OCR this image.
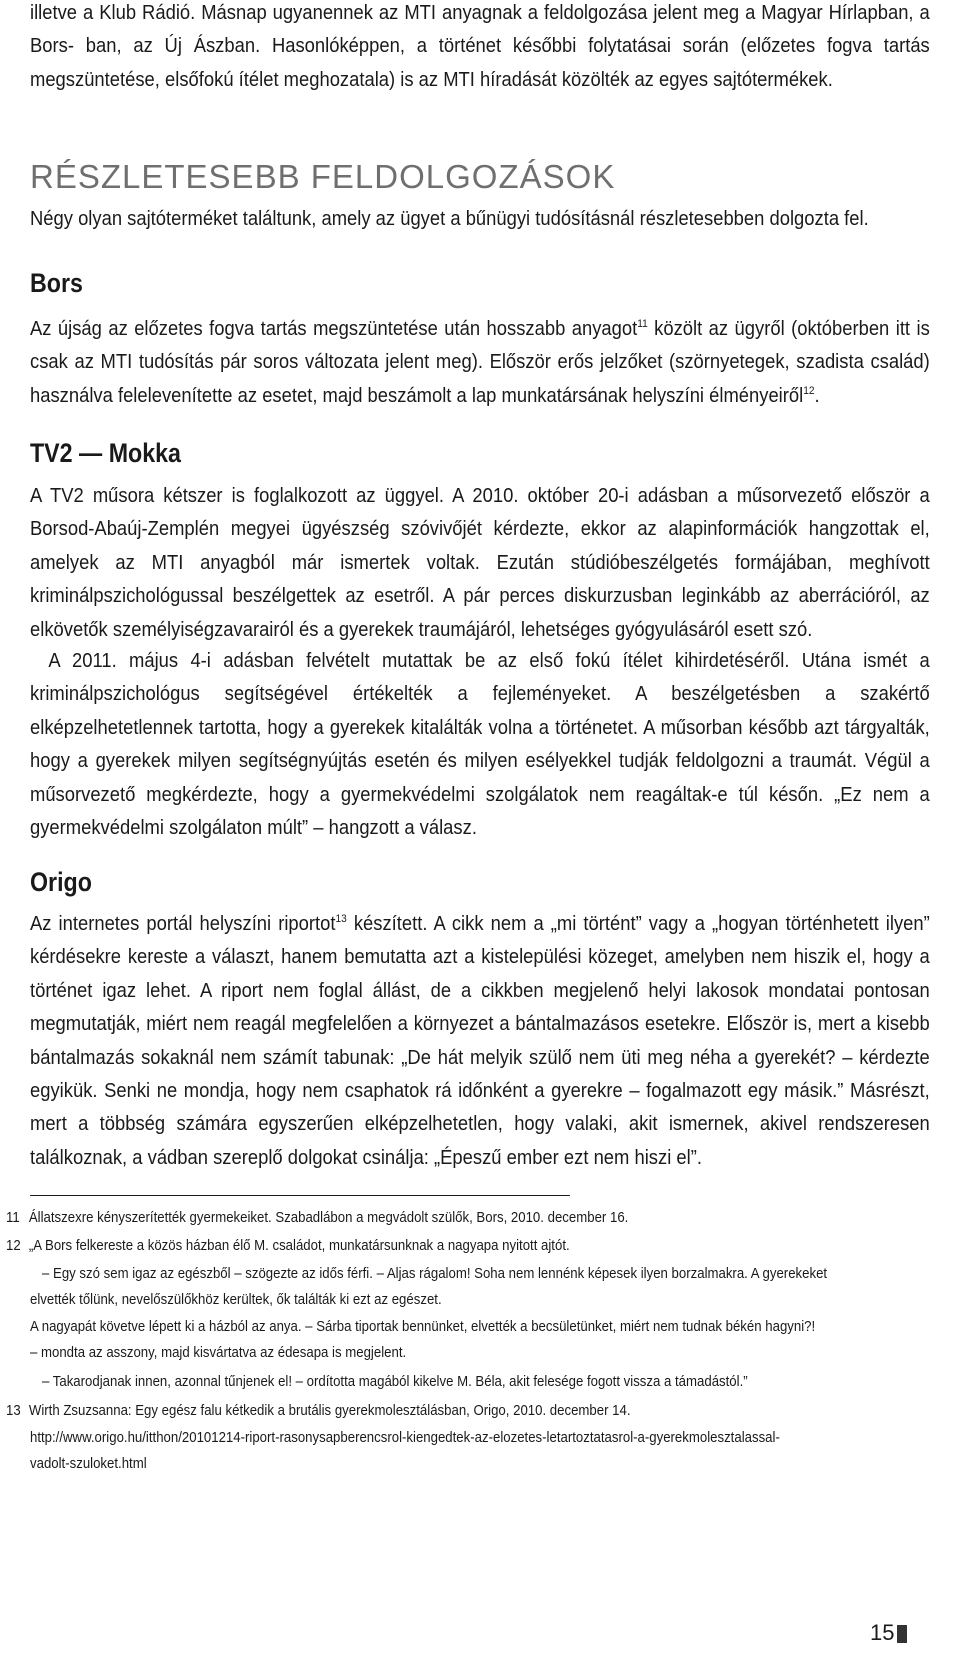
illetve a Klub Rádió. Másnap ugyanennek az MTI anyagnak a feldolgozása jelent meg a Magyar Hírlapban, a Bors- ban, az Új Ászban. Hasonlóképpen, a történet későbbi folytatásai során (előzetes fogva tartás megszüntetése, elsőfokú ítélet meghozatala) is az MTI híradását közölték az egyes sajtótermékek.

RÉSZLETESEBB FELDOLGOZÁSOK

Négy olyan sajtóterméket találtunk, amely az ügyet a bűnügyi tudósításnál részletesebben dolgozta fel.

Bors

Az újság az előzetes fogva tartás megszüntetése után hosszabb anyagot$^{11}$ közölt az ügyről (októberben itt is csak az MTI tudósítás pár soros változata jelent meg). Először erős jelzőket (szörnyetegek, szadista család) használva felelevenítette az esetet, majd beszámolt a lap munkatársának helyszíni élményeiről$^{12}$.

TV2 — Mokka

A TV2 műsora kétszer is foglalkozott az üggyel. A 2010. október 20-i adásban a műsorvezető először a Borsod-Abaúj-Zemplén megyei ügyészség szóvivőjét kérdezte, ekkor az alapinformációk hangzottak el, amelyek az MTI anyagból már ismertek voltak. Ezután stúdióbeszélgetés formájában, meghívott kriminálpszichológussal beszélgettek az esetről. A pár perces diskurzusban leginkább az aberrációról, az elkövetők személyiségzavarairól és a gyerekek traumájáról, lehetséges gyógyulásáról esett szó.

A 2011. május 4-i adásban felvételt mutattak be az első fokú ítélet kihirdetéséről. Utána ismét a kriminálpszichológus segítségével értékelték a fejleményeket. A beszélgetésben a szakértő elképzelhetetlennek tartotta, hogy a gyerekek kitalálták volna a történetet. A műsorban később azt tárgyalták, hogy a gyerekek milyen segítségnyújtás esetén és milyen esélyekkel tudják feldolgozni a traumát. Végül a műsorvezető megkérdezte, hogy a gyermekvédelmi szolgálatok nem reagáltak-e túl későn. „Ez nem a gyermekvédelmi szolgálaton múlt” – hangzott a válasz.

Origo

Az internetes portál helyszíni riportot$^{13}$ készített. A cikk nem a „mi történt” vagy a „hogyan történhetett ilyen” kérdésekre kereste a választ, hanem bemutatta azt a kistelepülési közeget, amelyben nem hiszik el, hogy a történet igaz lehet. A riport nem foglal állást, de a cikkben megjelenő helyi lakosok mondatai pontosan megmutatják, miért nem reagál megfelelően a környezet a bántalmazásos esetekre. Először is, mert a kisebb bántalmazás sokaknál nem számít tabunak: „De hát melyik szülő nem üti meg néha a gyerekét? – kérdezte egyikük. Senki ne mondja, hogy nem csaphatok rá időnként a gyerekre – fogalmazott egy másik.” Másrészt, mert a többség számára egyszerűen elképzelhetetlen, hogy valaki, akit ismernek, akivel rendszeresen találkoznak, a vádban szereplő dolgokat csinálja: „Épeszű ember ezt nem hiszi el”.

11 Állatszexre kényszerítették gyermekeiket. Szabadlábon a megvádolt szülők, Bors, 2010. december 16.
12 „A Bors felkereste a közös házban élő M. családot, munkatársunknak a nagyapa nyitott ajtót.

– Egy szó sem igaz az egészből – szögezte az idős férfi. – Aljas rágalom! Soha nem lennénk képesek ilyen borzalmakra. A gyerekeket

elvették tőlünk, nevelőszülőkhöz kerültek, ők találták ki ezt az egészet.

A nagyapát követve lépett ki a házból az anya. – Sárba tiportak bennünket, elvették a becsületünket, miért nem tudnak békén hagyni?!

– mondta az asszony, majd kisvártatva az édesapa is megjelent.

– Takarodjanak innen, azonnal tűnjenek el! – ordította magából kikelve M. Béla, akit felesége fogott vissza a támadástól.”

13 Wirth Zsuzsanna: Egy egész falu kétkedik a brutális gyerekmolesztálásban, Origo, 2010. december 14.

http://www.origo.hu/itthon/20101214-riport-rasonysapberencsrol-kiengedtek-az-elozetes-letartoztatasrol-a-gyerekmolesztalassal-

vadolt-szuloket.html

15
